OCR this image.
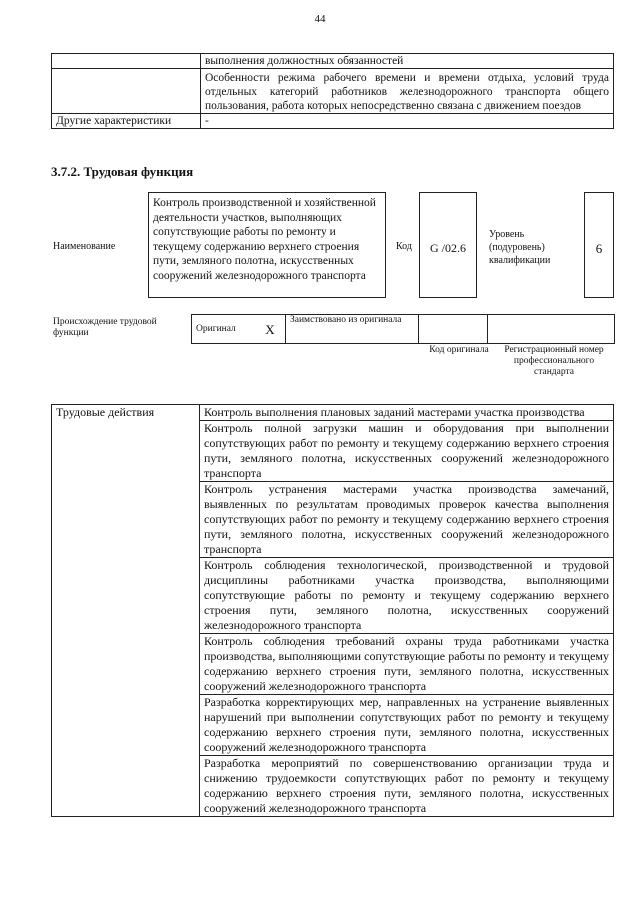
44
	выполнения должностных обязанностей
	Особенности режима рабочего времени и времени отдыха, условий труда отдельных категорий работников железнодорожного транспорта общего пользования, работа которых непосредственно связана с движением поездов
Другие характеристики	-
3.7.2. Трудовая функция
Наименование
Контроль производственной и хозяйственной деятельности участков, выполняющих сопутствующие работы по ремонту и текущему содержанию верхнего строения пути, земляного полотна, искусственных сооружений железнодорожного транспорта
Код	G /02.6
Уровень (подуровень) квалификации
6
Происхождение трудовой функции	Оригинал	X	Заимствовано из оригинала		
Код оригинала	Регистрационный номер профессионального стандарта
Трудовые действия	Контроль выполнения плановых заданий мастерами участка производства
Контроль полной загрузки машин и оборудования при выполнении сопутствующих работ по ремонту и текущему содержанию верхнего строения пути, земляного полотна, искусственных сооружений железнодорожного транспорта
Контроль устранения мастерами участка производства замечаний, выявленных по результатам проводимых проверок качества выполнения сопутствующих работ по ремонту и текущему содержанию верхнего строения пути, земляного полотна, искусственных сооружений железнодорожного транспорта
Контроль соблюдения технологической, производственной и трудовой дисциплины работниками участка производства, выполняющими сопутствующие работы по ремонту и текущему содержанию верхнего строения пути, земляного полотна, искусственных сооружений железнодорожного транспорта
Контроль соблюдения требований охраны труда работниками участка производства, выполняющими сопутствующие работы по ремонту и текущему содержанию верхнего строения пути, земляного полотна, искусственных сооружений железнодорожного транспорта
Разработка корректирующих мер, направленных на устранение выявленных нарушений при выполнении сопутствующих работ по ремонту и текущему содержанию верхнего строения пути, земляного полотна, искусственных сооружений железнодорожного транспорта
Разработка мероприятий по совершенствованию организации труда и снижению трудоемкости сопутствующих работ по ремонту и текущему содержанию верхнего строения пути, земляного полотна, искусственных сооружений железнодорожного транспорта
